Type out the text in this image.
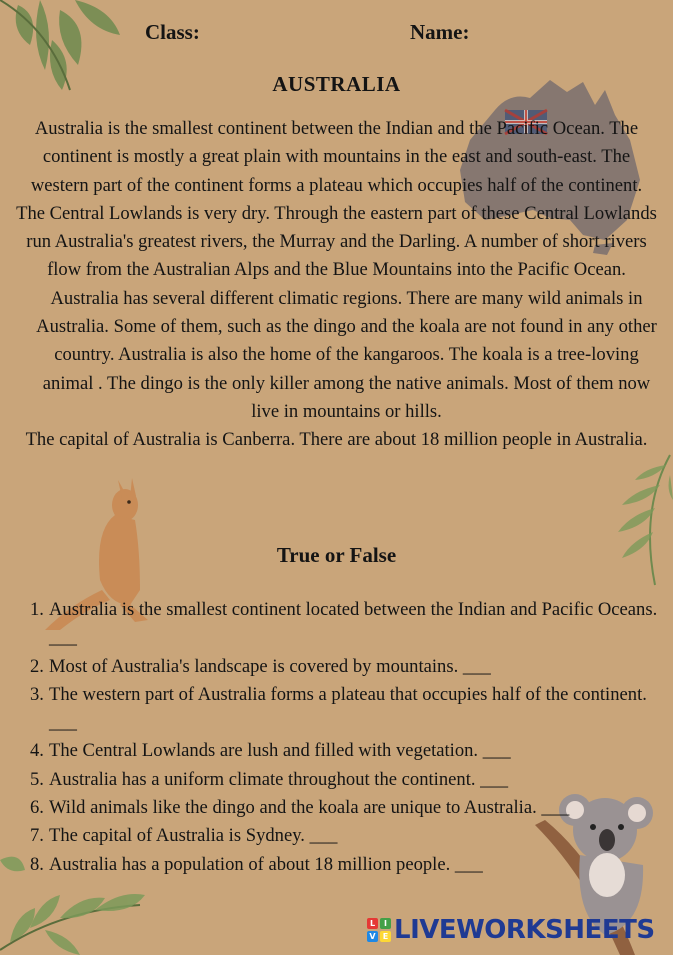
Class:	Name:
AUSTRALIA

Australia is the smallest continent between the Indian and the Pacific Ocean. The continent is mostly a great plain with mountains in the east and south-east. The western part of the continent forms a plateau which occupies half of the continent. The Central Lowlands is very dry. Through the eastern part of these Central Lowlands run Australia's greatest rivers, the Murray and the Darling. A number of short rivers flow from the Australian Alps and the Blue Mountains into the Pacific Ocean.

Australia has several different climatic regions. There are many wild animals in Australia. Some of them, such as the dingo and the koala are not found in any other country. Australia is also the home of the kangaroos. The koala is a tree-loving animal . The dingo is the only killer among the native animals. Most of them now live in mountains or hills.

The capital of Australia is Canberra. There are about 18 million people in Australia.

True or False
1. Australia is the smallest continent located between the Indian and Pacific Oceans. ___
2. Most of Australia's landscape is covered by mountains. ___
3. The western part of Australia forms a plateau that occupies half of the continent. ___
4. The Central Lowlands are lush and filled with vegetation. ___
5. Australia has a uniform climate throughout the continent. ___
6. Wild animals like the dingo and the koala are unique to Australia. ___
7. The capital of Australia is Sydney. ___
8. Australia has a population of about 18 million people. ___
L	I
V E LIVEWORKSHEETS
